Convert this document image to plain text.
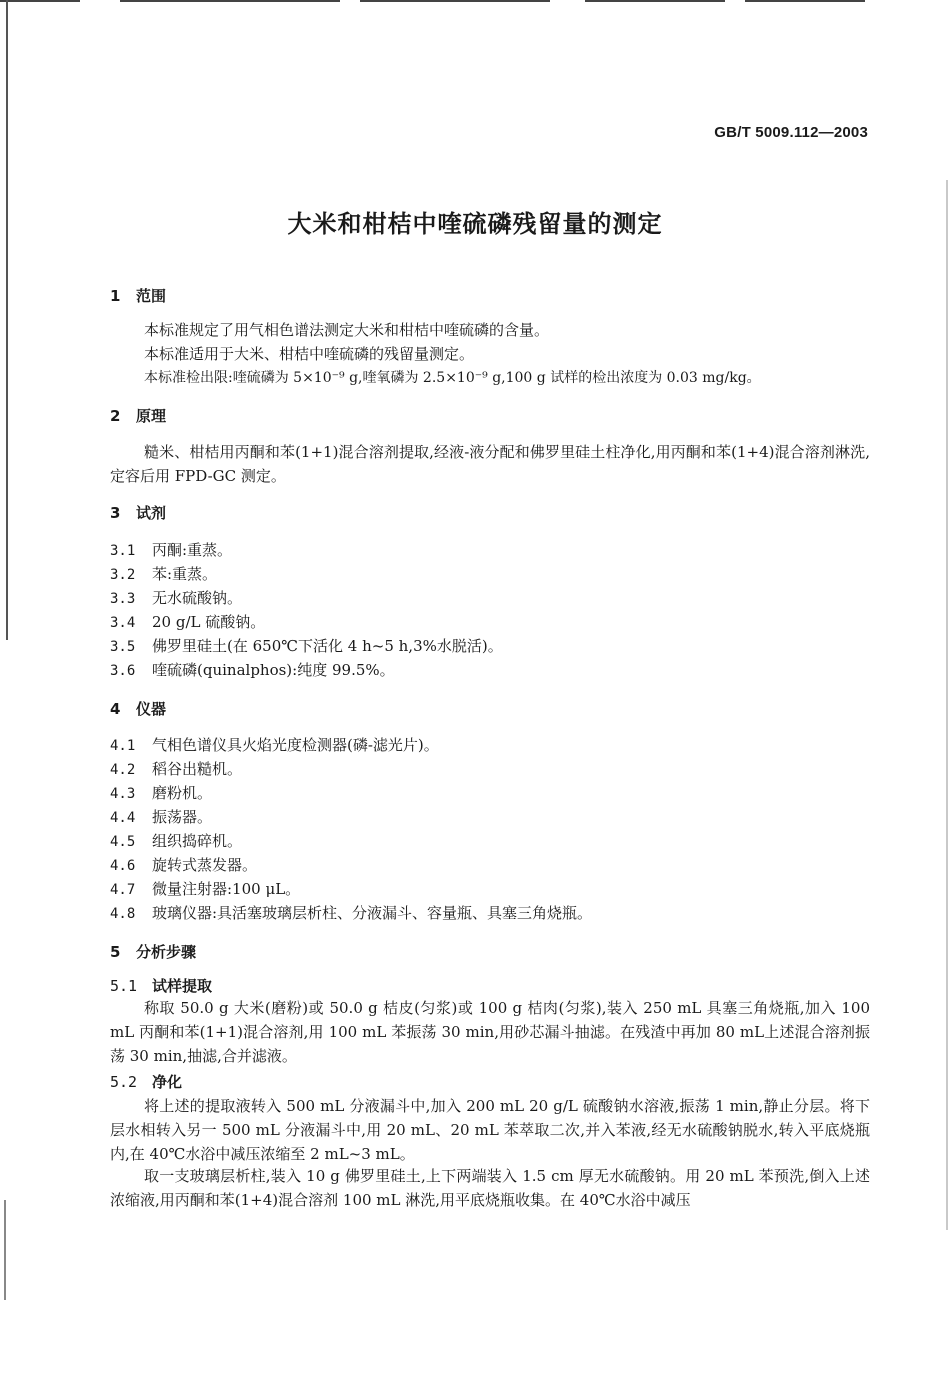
GB/T 5009.112—2003
大米和柑桔中喹硫磷残留量的测定
1 范围
本标准规定了用气相色谱法测定大米和柑桔中喹硫磷的含量。
本标准适用于大米、柑桔中喹硫磷的残留量测定。
本标准检出限:喹硫磷为 5×10⁻⁹ g,喹氧磷为 2.5×10⁻⁹ g,100 g 试样的检出浓度为 0.03 mg/kg。
2 原理
糙米、柑桔用丙酮和苯(1+1)混合溶剂提取,经液-液分配和佛罗里硅土柱净化,用丙酮和苯(1+4)混合溶剂淋洗,定容后用 FPD-GC 测定。
3 试剂
3.1 丙酮:重蒸。
3.2 苯:重蒸。
3.3 无水硫酸钠。
3.4 20 g/L 硫酸钠。
3.5 佛罗里硅土(在 650℃下活化 4 h~5 h,3%水脱活)。
3.6 喹硫磷(quinalphos):纯度 99.5%。
4 仪器
4.1 气相色谱仪具火焰光度检测器(磷-滤光片)。
4.2 稻谷出糙机。
4.3 磨粉机。
4.4 振荡器。
4.5 组织捣碎机。
4.6 旋转式蒸发器。
4.7 微量注射器:100 μL。
4.8 玻璃仪器:具活塞玻璃层析柱、分液漏斗、容量瓶、具塞三角烧瓶。
5 分析步骤
5.1 试样提取
称取 50.0 g 大米(磨粉)或 50.0 g 桔皮(匀浆)或 100 g 桔肉(匀浆),装入 250 mL 具塞三角烧瓶,加入 100 mL 丙酮和苯(1+1)混合溶剂,用 100 mL 苯振荡 30 min,用砂芯漏斗抽滤。在残渣中再加 80 mL上述混合溶剂振荡 30 min,抽滤,合并滤液。
5.2 净化
将上述的提取液转入 500 mL 分液漏斗中,加入 200 mL 20 g/L 硫酸钠水溶液,振荡 1 min,静止分层。将下层水相转入另一 500 mL 分液漏斗中,用 20 mL、20 mL 苯萃取二次,并入苯液,经无水硫酸钠脱水,转入平底烧瓶内,在 40℃水浴中减压浓缩至 2 mL~3 mL。
取一支玻璃层析柱,装入 10 g 佛罗里硅土,上下两端装入 1.5 cm 厚无水硫酸钠。用 20 mL 苯预洗,倒入上述浓缩液,用丙酮和苯(1+4)混合溶剂 100 mL 淋洗,用平底烧瓶收集。在 40℃水浴中减压
